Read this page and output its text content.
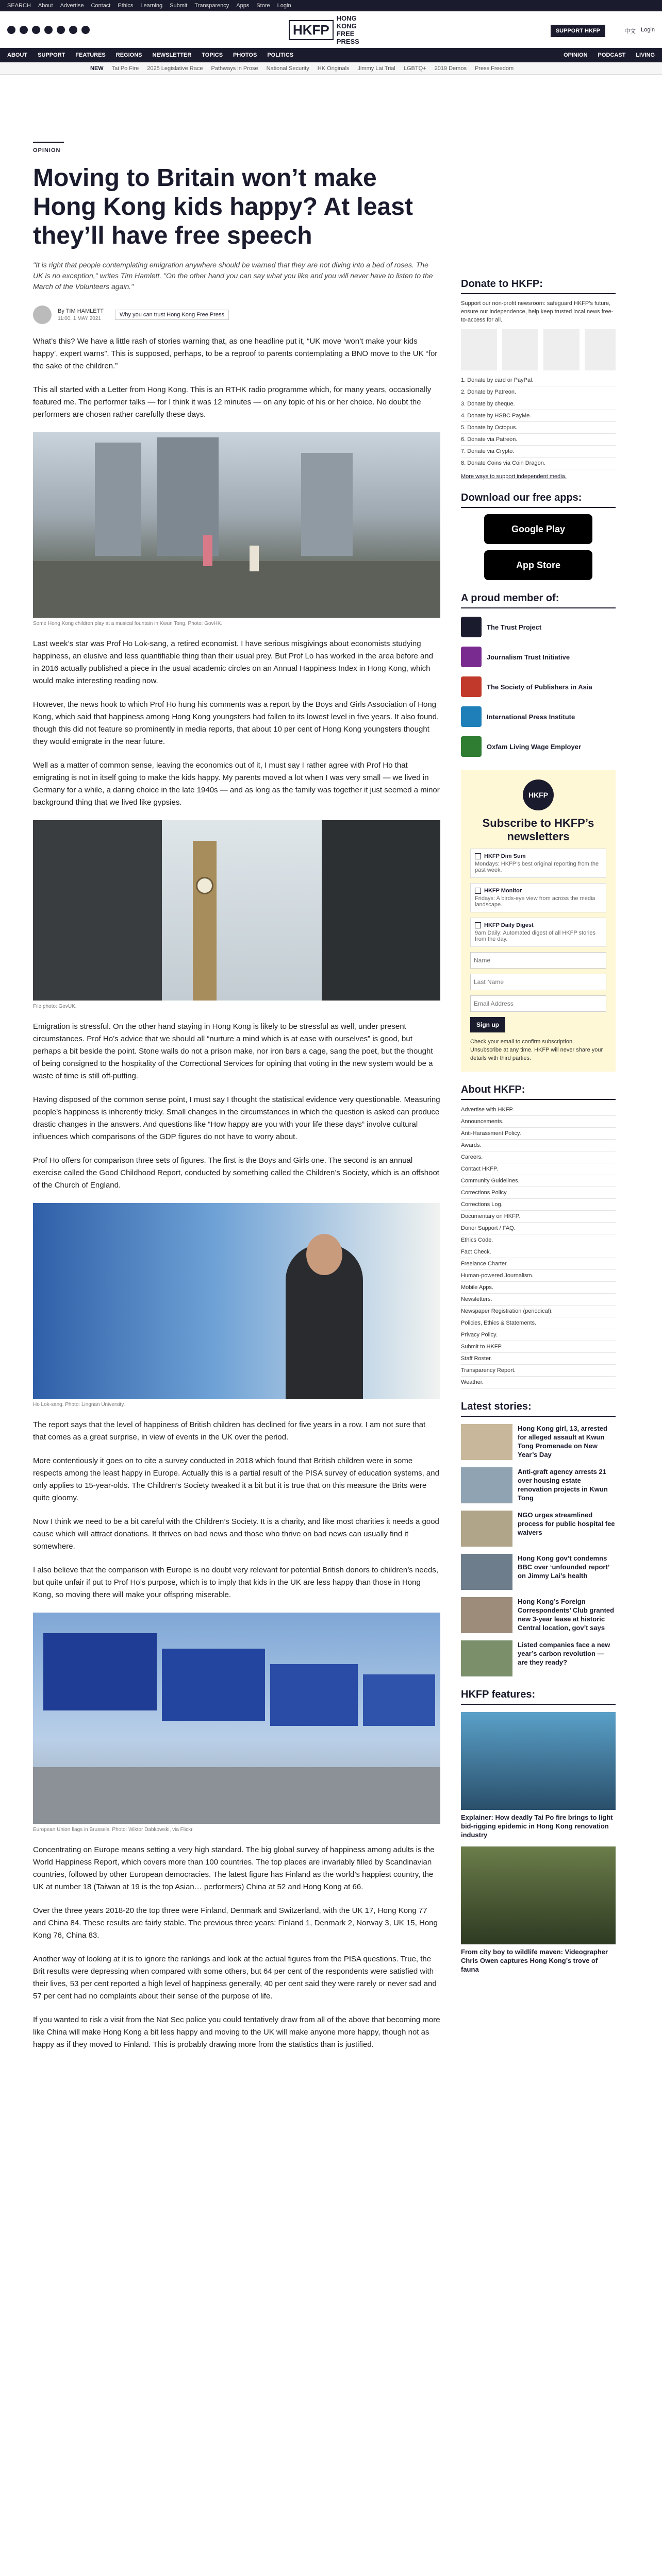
SEARCH About Advertise Contact Ethics Learning Submit Transparency Apps Store Login
HKFP
HONG KONG
FREE PRESS
SUPPORT HKFP	中文 Login
ABOUT SUPPORT FEATURES REGIONS NEWSLETTER TOPICS PHOTOS POLITICS	OPINION PODCAST LIVING
NEW Tai Po Fire 2025 Legislative Race Pathways in Prose National Security HK Originals Jimmy Lai Trial LGBTQ+ 2019 Demos Press Freedom
OPINION
Moving to Britain won’t make Hong Kong kids happy? At least they’ll have free speech
"It is right that people contemplating emigration anywhere should be warned that they are not diving into a bed of roses. The UK is no exception," writes Tim Hamlett. "On the other hand you can say what you like and you will never have to listen to the March of the Volunteers again."
By TIM HAMLETT
11:00, 1 MAY 2021
Why you can trust Hong Kong Free Press

What’s this? We have a little rash of stories warning that, as one headline put it, “UK move ‘won’t make your kids happy’, expert warns”. This is supposed, perhaps, to be a reproof to parents contemplating a BNO move to the UK “for the sake of the children.”

This all started with a Letter from Hong Kong. This is an RTHK radio programme which, for many years, occasionally featured me. The performer talks — for I think it was 12 minutes — on any topic of his or her choice. No doubt the performers are chosen rather carefully these days.

Some Hong Kong children play at a musical fountain in Kwun Tong. Photo: GovHK.

Last week’s star was Prof Ho Lok-sang, a retired economist. I have serious misgivings about economists studying happiness, an elusive and less quantifiable thing than their usual prey. But Prof Lo has worked in the area before and in 2016 actually published a piece in the usual academic circles on an Annual Happiness Index in Hong Kong, which would make interesting reading now.

However, the news hook to which Prof Ho hung his comments was a report by the Boys and Girls Association of Hong Kong, which said that happiness among Hong Kong youngsters had fallen to its lowest level in five years. It also found, though this did not feature so prominently in media reports, that about 10 per cent of Hong Kong youngsters thought they would emigrate in the near future.

Well as a matter of common sense, leaving the economics out of it, I must say I rather agree with Prof Ho that emigrating is not in itself going to make the kids happy. My parents moved a lot when I was very small — we lived in Germany for a while, a daring choice in the late 1940s — and as long as the family was together it just seemed a minor background thing that we lived like gypsies.

File photo: GovUK.

Emigration is stressful. On the other hand staying in Hong Kong is likely to be stressful as well, under present circumstances. Prof Ho’s advice that we should all “nurture a mind which is at ease with ourselves” is good, but perhaps a bit beside the point. Stone walls do not a prison make, nor iron bars a cage, sang the poet, but the thought of being consigned to the hospitality of the Correctional Services for opining that voting in the new system would be a waste of time is still off-putting.

Having disposed of the common sense point, I must say I thought the statistical evidence very questionable. Measuring people’s happiness is inherently tricky. Small changes in the circumstances in which the question is asked can produce drastic changes in the answers. And questions like “How happy are you with your life these days” involve cultural influences which comparisons of the GDP figures do not have to worry about.

Prof Ho offers for comparison three sets of figures. The first is the Boys and Girls one. The second is an annual exercise called the Good Childhood Report, conducted by something called the Children’s Society, which is an offshoot of the Church of England.

Ho Lok-sang. Photo: Lingnan University.

The report says that the level of happiness of British children has declined for five years in a row. I am not sure that that comes as a great surprise, in view of events in the UK over the period.

More contentiously it goes on to cite a survey conducted in 2018 which found that British children were in some respects among the least happy in Europe. Actually this is a partial result of the PISA survey of education systems, and only applies to 15-year-olds. The Children’s Society tweaked it a bit but it is true that on this measure the Brits were quite gloomy.

Now I think we need to be a bit careful with the Children’s Society. It is a charity, and like most charities it needs a good cause which will attract donations. It thrives on bad news and those who thrive on bad news can usually find it somewhere.

I also believe that the comparison with Europe is no doubt very relevant for potential British donors to children’s needs, but quite unfair if put to Prof Ho’s purpose, which is to imply that kids in the UK are less happy than those in Hong Kong, so moving there will make your offspring miserable.

European Union flags in Brussels. Photo: Wiktor Dabkowski, via Flickr.

Concentrating on Europe means setting a very high standard. The big global survey of happiness among adults is the World Happiness Report, which covers more than 100 countries. The top places are invariably filled by Scandinavian countries, followed by other European democracies. The latest figure has Finland as the world’s happiest country, the UK at number 18 (Taiwan at 19 is the top Asian… performers) China at 52 and Hong Kong at 66.

Over the three years 2018-20 the top three were Finland, Denmark and Switzerland, with the UK 17, Hong Kong 77 and China 84. These results are fairly stable. The previous three years: Finland 1, Denmark 2, Norway 3, UK 15, Hong Kong 76, China 83.

Another way of looking at it is to ignore the rankings and look at the actual figures from the PISA questions. True, the Brit results were depressing when compared with some others, but 64 per cent of the respondents were satisfied with their lives, 53 per cent reported a high level of happiness generally, 40 per cent said they were rarely or never sad and 57 per cent had no complaints about their sense of the purpose of life.

If you wanted to risk a visit from the Nat Sec police you could tentatively draw from all of the above that becoming more like China will make Hong Kong a bit less happy and moving to the UK will make anyone more happy, though not as happy as if they moved to Finland. This is probably drawing more from the statistics than is justified.

Donate to HKFP:
Support our non-profit newsroom: safeguard HKFP’s future, ensure our independence, help keep trusted local news free-to-access for all.
1. Donate by card or PayPal.
2. Donate by Patreon.
3. Donate by cheque.
4. Donate by HSBC PayMe.
5. Donate by Octopus.
6. Donate via Patreon.
7. Donate via Crypto.
8. Donate Coins via Coin Dragon.
More ways to support independent media.
Download our free apps:
Google Play
App Store
A proud member of:
The Trust Project
Journalism Trust Initiative
The Society of Publishers in Asia
International Press Institute
Oxfam Living Wage Employer
HKFP
Subscribe to HKFP’s newsletters
HKFP Dim Sum
Mondays: HKFP’s best original reporting from the past week.
HKFP Monitor
Fridays: A birds-eye view from across the media landscape.
HKFP Daily Digest
9am Daily: Automated digest of all HKFP stories from the day.
Name Last Name Email Address
Sign up
Check your email to confirm subscription. Unsubscribe at any time. HKFP will never share your details with third parties.
About HKFP:
Advertise with HKFP.
Announcements.
Anti-Harassment Policy.
Awards.
Careers.
Contact HKFP.
Community Guidelines.
Corrections Policy.
Corrections Log.
Documentary on HKFP.
Donor Support / FAQ.
Ethics Code.
Fact Check.
Freelance Charter.
Human-powered Journalism.
Mobile Apps.
Newsletters.
Newspaper Registration (periodical).
Policies, Ethics & Statements.
Privacy Policy.
Submit to HKFP.
Staff Roster.
Transparency Report.
Weather.
Latest stories:
Hong Kong girl, 13, arrested for alleged assault at Kwun Tong Promenade on New Year’s Day
Anti-graft agency arrests 21 over housing estate renovation projects in Kwun Tong
NGO urges streamlined process for public hospital fee waivers
Hong Kong gov’t condemns BBC over ‘unfounded report’ on Jimmy Lai’s health
Hong Kong’s Foreign Correspondents’ Club granted new 3-year lease at historic Central location, gov’t says
Listed companies face a new year’s carbon revolution — are they ready?
HKFP features:
Explainer: How deadly Tai Po fire brings to light bid-rigging epidemic in Hong Kong renovation industry
From city boy to wildlife maven: Videographer Chris Owen captures Hong Kong’s trove of fauna
